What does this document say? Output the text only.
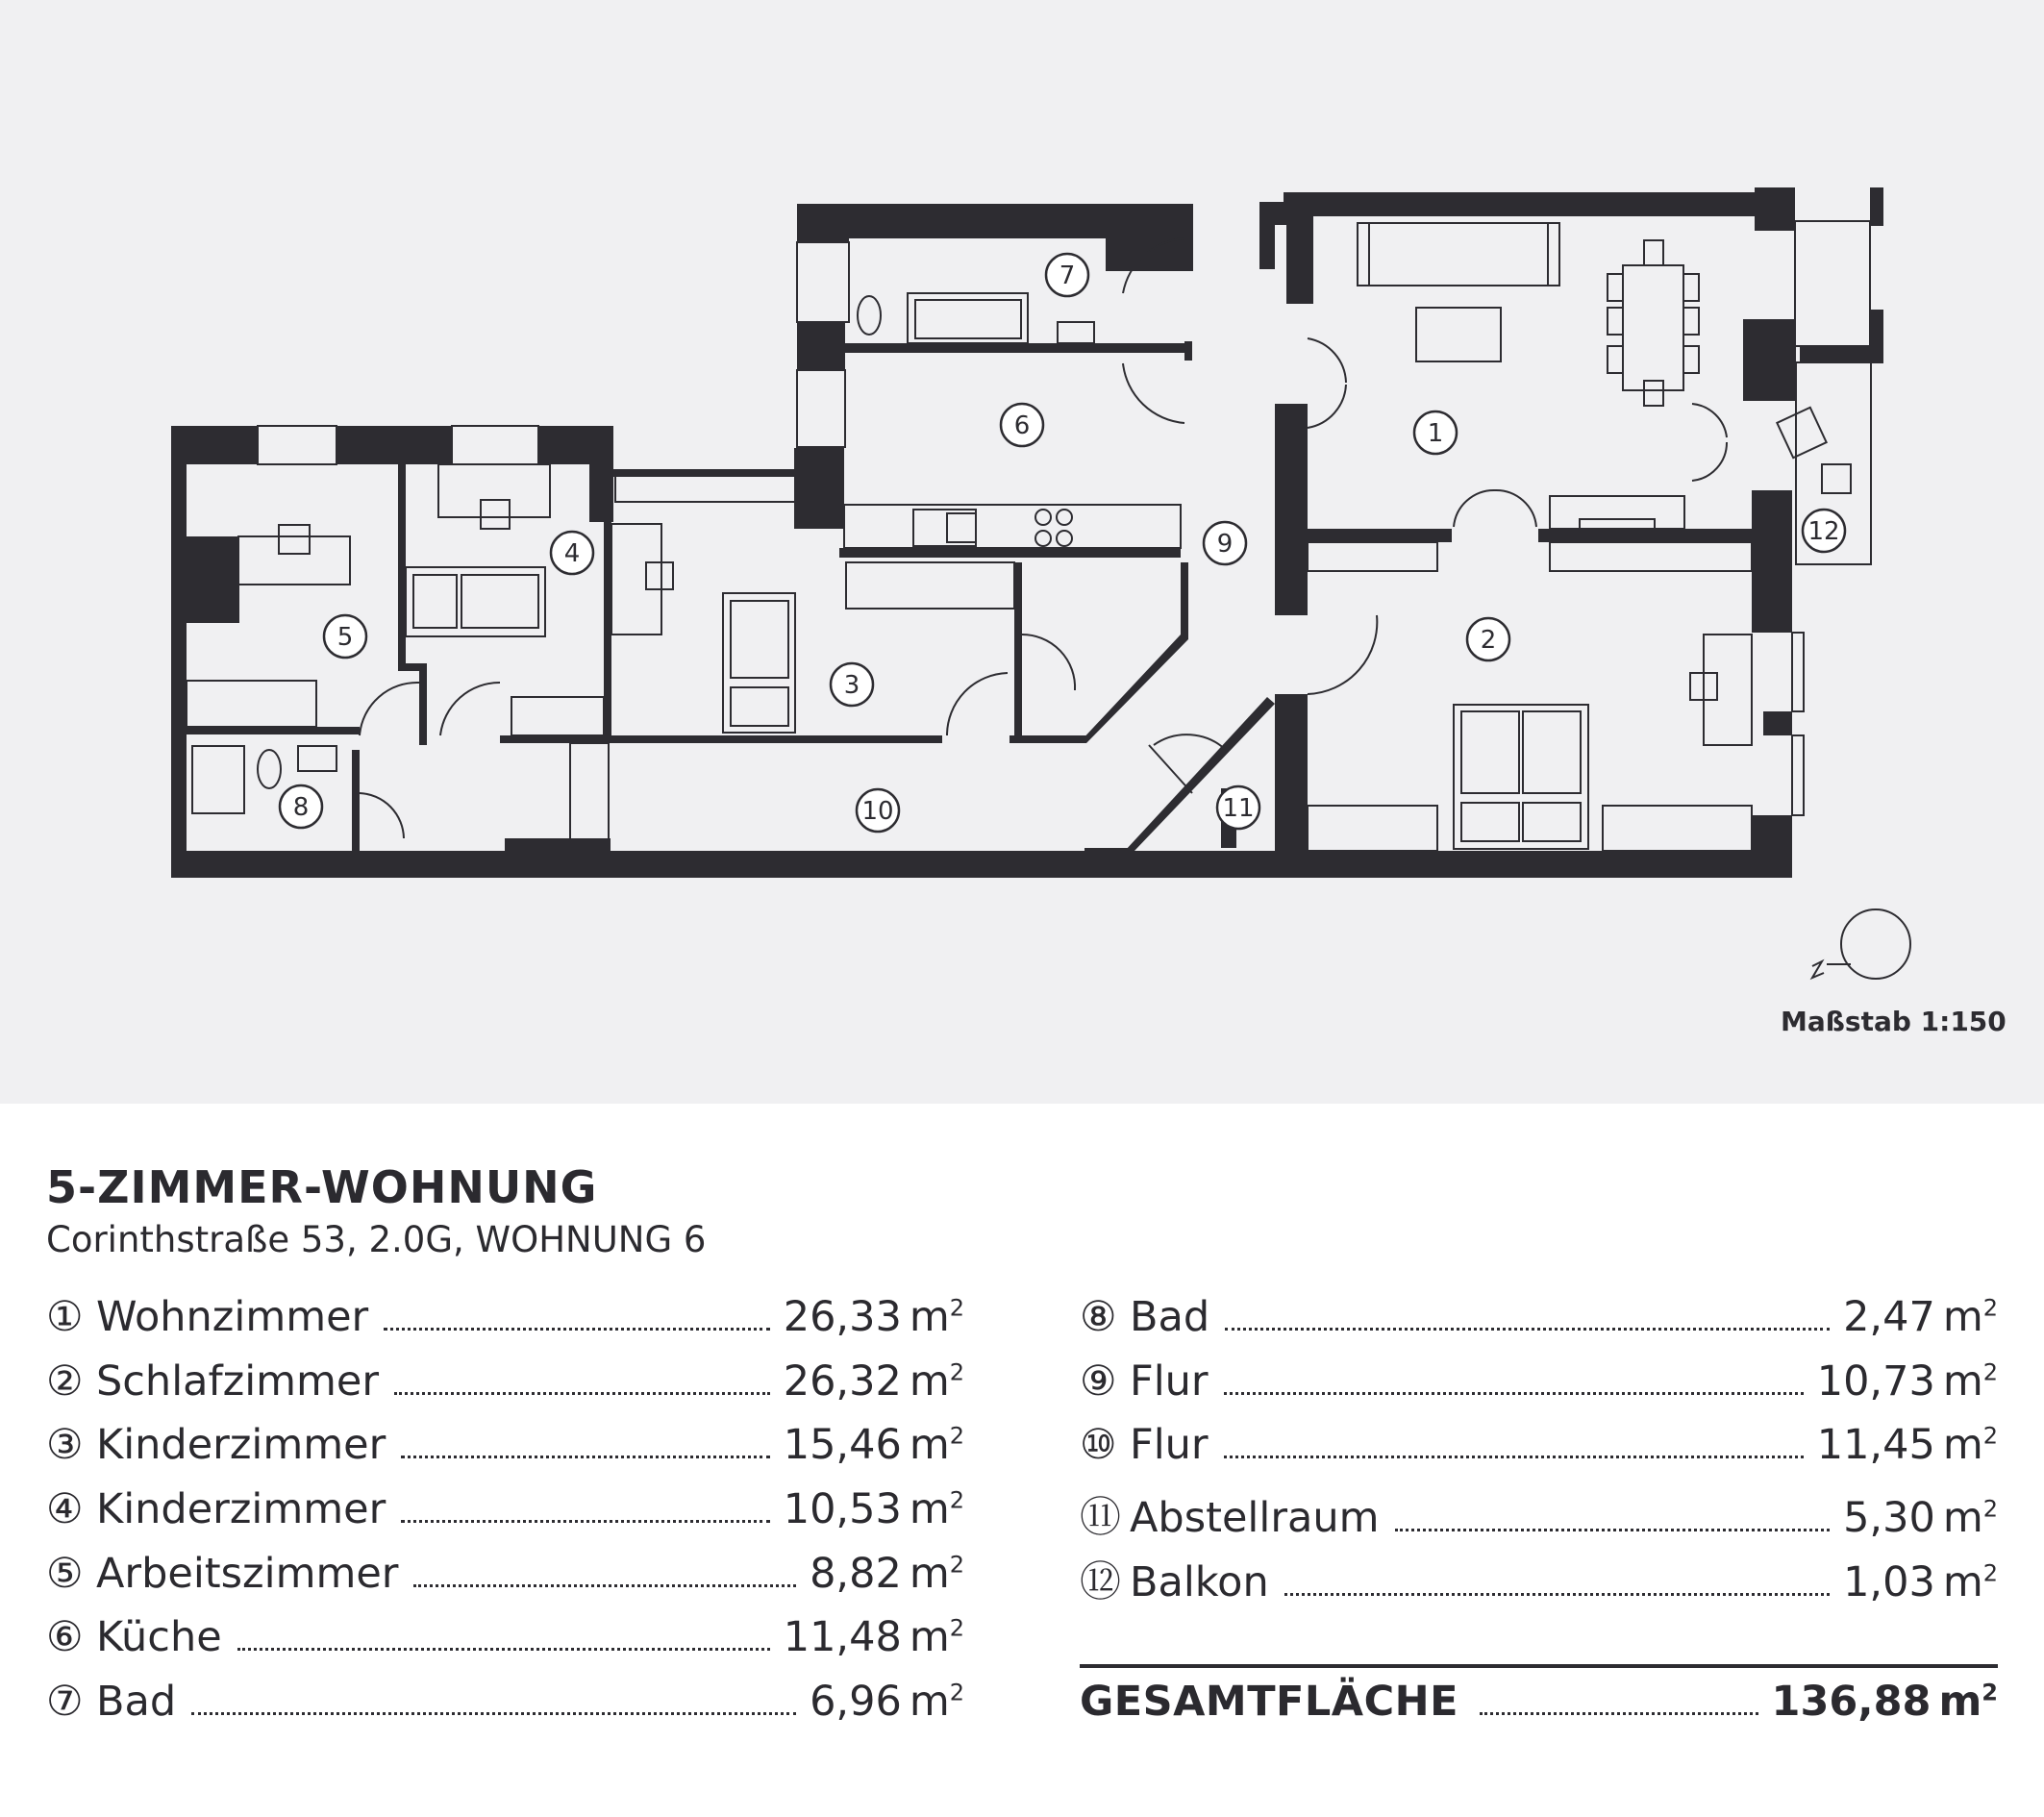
1
2
3
4
5
6
7
8
9
10	11
12
Maßstab 1:150

5-ZIMMER-WOHNUNG

Corinthstraße 53, 2.0G, WOHNUNG 6

① Wohnzimmer	26,33 $m^2$
② Schlafzimmer	26,32 $m^2$
③ Kinderzimmer	15,46 $m^2$
④ Kinderzimmer	10,53 $m^2$
⑤ Arbeitszimmer	8,82 $m^2$
⑥ Küche	11,48 $m^2$
⑦ Bad	6,96 $m^2$
⑧ Bad	2,47 $m^2$
⑨ Flur	10,73 $m^2$
⑩ Flur	11,45 $m^2$
⑪ Abstellraum	5,30 $m^2$
⑫ Balkon	1,03 $m^2$
GESAMTFLÄCHE	136,88 $m^2$
